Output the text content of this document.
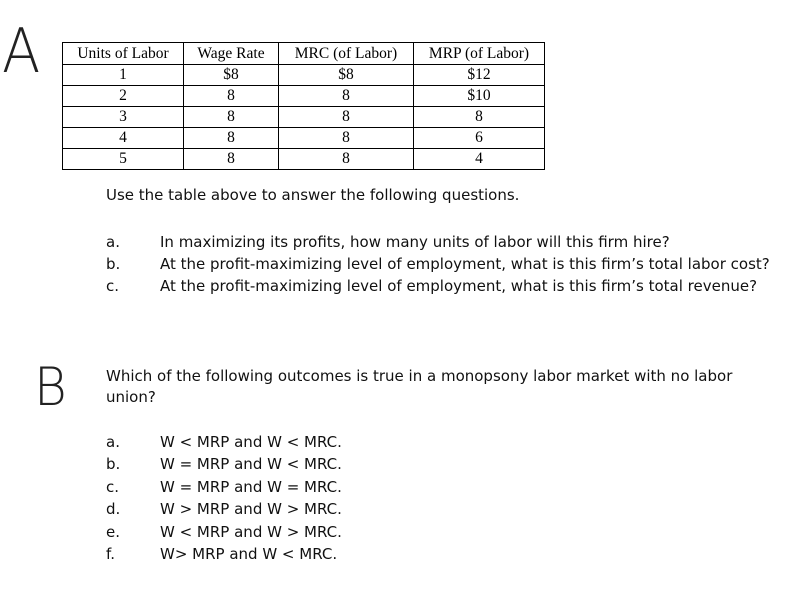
A Units of Labor	Wage Rate	MRC (of Labor)	MRP (of Labor)
1	$8	$8	$12
2	8	8	$10
3	8	8	8
4	8	8	6
5	8	8	4
Use the table above to answer the following questions.
a.	In maximizing its profits, how many units of labor will this firm hire?
b.	At the profit-maximizing level of employment, what is this firm’s total labor cost?
c.	At the profit-maximizing level of employment, what is this firm’s total revenue?
B	Which of the following outcomes is true in a monopsony labor market with no labor union?
a.	W < MRP and W < MRC.
b.	W = MRP and W < MRC.
c.	W = MRP and W = MRC.
d.	W > MRP and W > MRC.
e.	W < MRP and W > MRC.
f.	W> MRP and W < MRC.
